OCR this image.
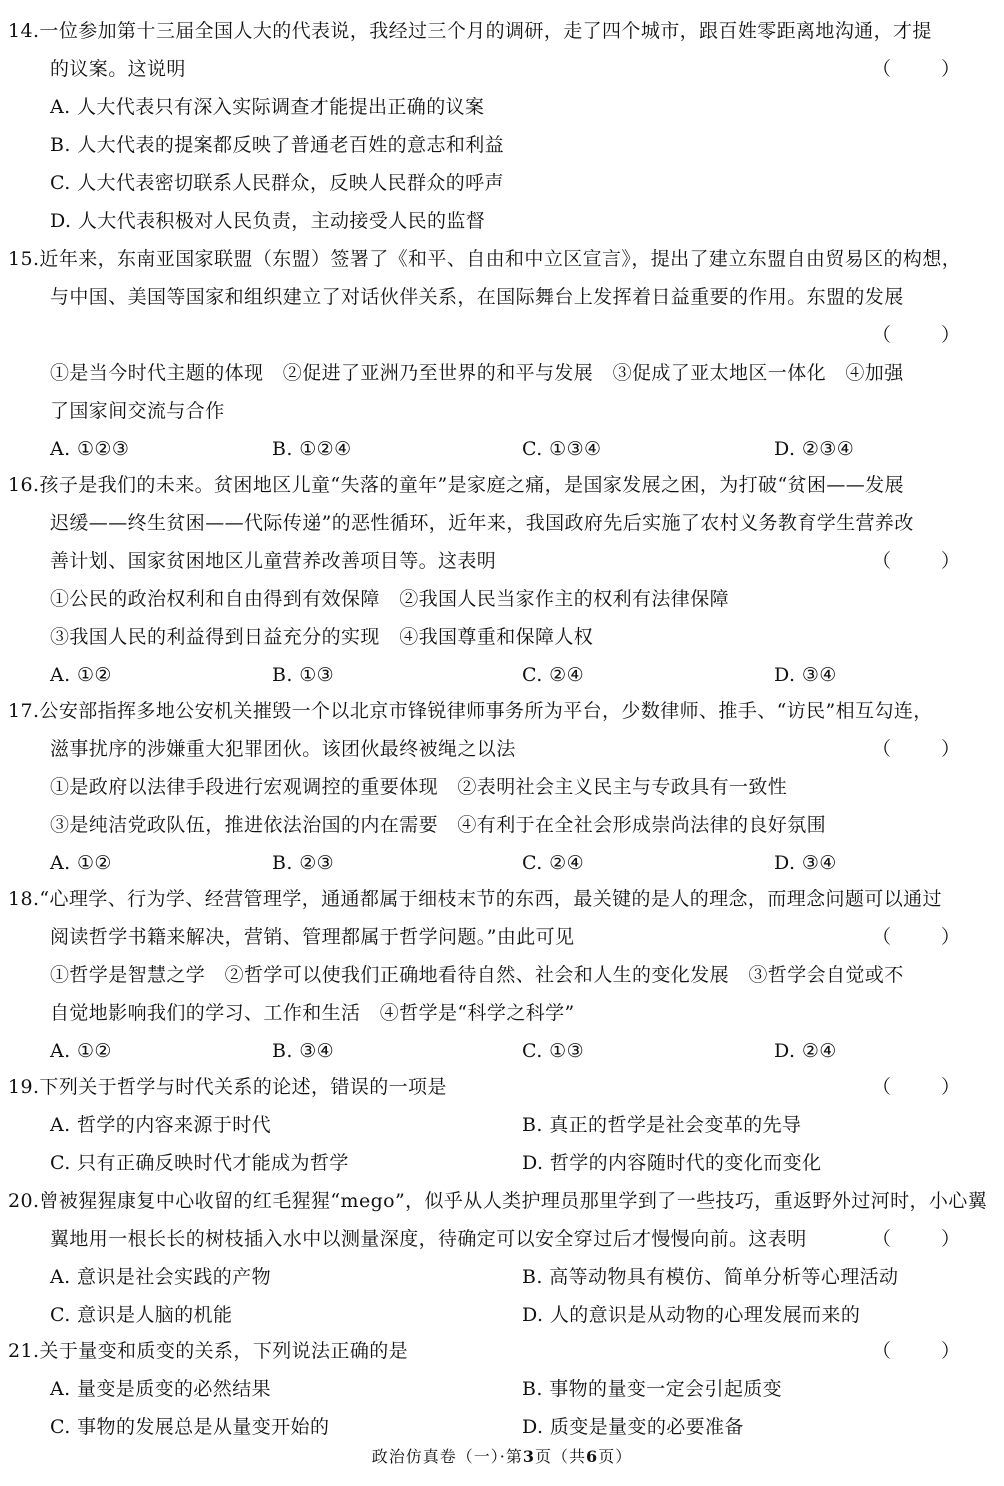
14.一位参加第十三届全国人大的代表说，我经过三个月的调研，走了四个城市，跟百姓零距离地沟通，才提
的议案。这说明	（ ）
A. 人大代表只有深入实际调查才能提出正确的议案
B. 人大代表的提案都反映了普通老百姓的意志和利益
C. 人大代表密切联系人民群众，反映人民群众的呼声
D. 人大代表积极对人民负责，主动接受人民的监督
15.近年来，东南亚国家联盟（东盟）签署了《和平、自由和中立区宣言》，提出了建立东盟自由贸易区的构想，
与中国、美国等国家和组织建立了对话伙伴关系，在国际舞台上发挥着日益重要的作用。东盟的发展
（ ）
①是当今时代主题的体现　②促进了亚洲乃至世界的和平与发展　③促成了亚太地区一体化　④加强
了国家间交流与合作
A. ①②③	B. ①②④	C. ①③④	D. ②③④
16.孩子是我们的未来。贫困地区儿童“失落的童年”是家庭之痛，是国家发展之困，为打破“贫困——发展
迟缓——终生贫困——代际传递”的恶性循环，近年来，我国政府先后实施了农村义务教育学生营养改
善计划、国家贫困地区儿童营养改善项目等。这表明	（ ）
①公民的政治权利和自由得到有效保障　②我国人民当家作主的权利有法律保障
③我国人民的利益得到日益充分的实现　④我国尊重和保障人权
A. ①②	B. ①③	C. ②④	D. ③④
17.公安部指挥多地公安机关摧毁一个以北京市锋锐律师事务所为平台，少数律师、推手、“访民”相互勾连，
滋事扰序的涉嫌重大犯罪团伙。该团伙最终被绳之以法	（ ）
①是政府以法律手段进行宏观调控的重要体现　②表明社会主义民主与专政具有一致性
③是纯洁党政队伍，推进依法治国的内在需要　④有利于在全社会形成崇尚法律的良好氛围
A. ①②	B. ②③	C. ②④	D. ③④
18.“心理学、行为学、经营管理学，通通都属于细枝末节的东西，最关键的是人的理念，而理念问题可以通过
阅读哲学书籍来解决，营销、管理都属于哲学问题。”由此可见	（ ）
①哲学是智慧之学　②哲学可以使我们正确地看待自然、社会和人生的变化发展　③哲学会自觉或不
自觉地影响我们的学习、工作和生活　④哲学是“科学之科学”
A. ①②	B. ③④	C. ①③	D. ②④
19.下列关于哲学与时代关系的论述，错误的一项是	（ ）
A. 哲学的内容来源于时代	B. 真正的哲学是社会变革的先导
C. 只有正确反映时代才能成为哲学	D. 哲学的内容随时代的变化而变化
20.曾被猩猩康复中心收留的红毛猩猩“mego”，似乎从人类护理员那里学到了一些技巧，重返野外过河时，小心翼
翼地用一根长长的树枝插入水中以测量深度，待确定可以安全穿过后才慢慢向前。这表明	（ ）
A. 意识是社会实践的产物	B. 高等动物具有模仿、简单分析等心理活动
C. 意识是人脑的机能	D. 人的意识是从动物的心理发展而来的
21.关于量变和质变的关系，下列说法正确的是	（ ）
A. 量变是质变的必然结果	B. 事物的量变一定会引起质变
C. 事物的发展总是从量变开始的	D. 质变是量变的必要准备
政治仿真卷（一）·第3页（共6页）
